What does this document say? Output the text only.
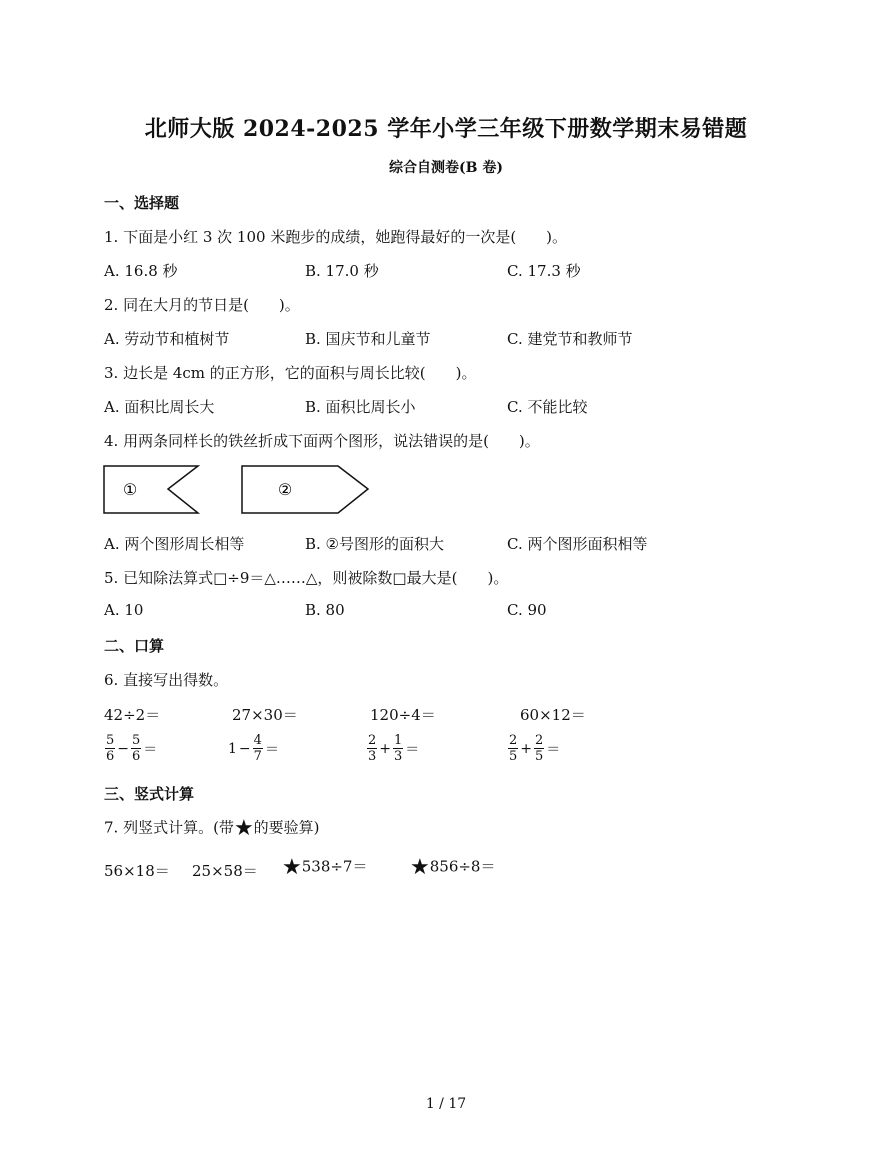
北师大版 2024-2025 学年小学三年级下册数学期末易错题
综合自测卷(B 卷)
一、选择题
1. 下面是小红 3 次 100 米跑步的成绩，她跑得最好的一次是(　　)。
A. 16.8 秒	B. 17.0 秒	C. 17.3 秒
2. 同在大月的节日是(　　)。
A. 劳动节和植树节	B. 国庆节和儿童节	C. 建党节和教师节
3. 边长是 4cm 的正方形，它的面积与周长比较(　　)。
A. 面积比周长大	B. 面积比周长小	C. 不能比较
4. 用两条同样长的铁丝折成下面两个图形，说法错误的是(　　)。
①	②
A. 两个图形周长相等	B. ②号图形的面积大	C. 两个图形面积相等
5. 已知除法算式□÷9＝△……△，则被除数□最大是(　　)。
A. 10	B. 80	C. 90
二、口算
6. 直接写出得数。
42÷2＝	27×30＝	120÷4＝	60×12＝
$\frac{5}{6} - \frac{5}{6}$ ＝	$1 - \frac{4}{7}$ ＝	$\frac{2}{3} + \frac{1}{3}$ ＝	$\frac{2}{5} + \frac{2}{5}$ ＝
三、竖式计算
7. 列竖式计算。(带★的要验算)
56×18＝ 25×58＝ ★538÷7＝ ★856÷8＝
1 / 17
